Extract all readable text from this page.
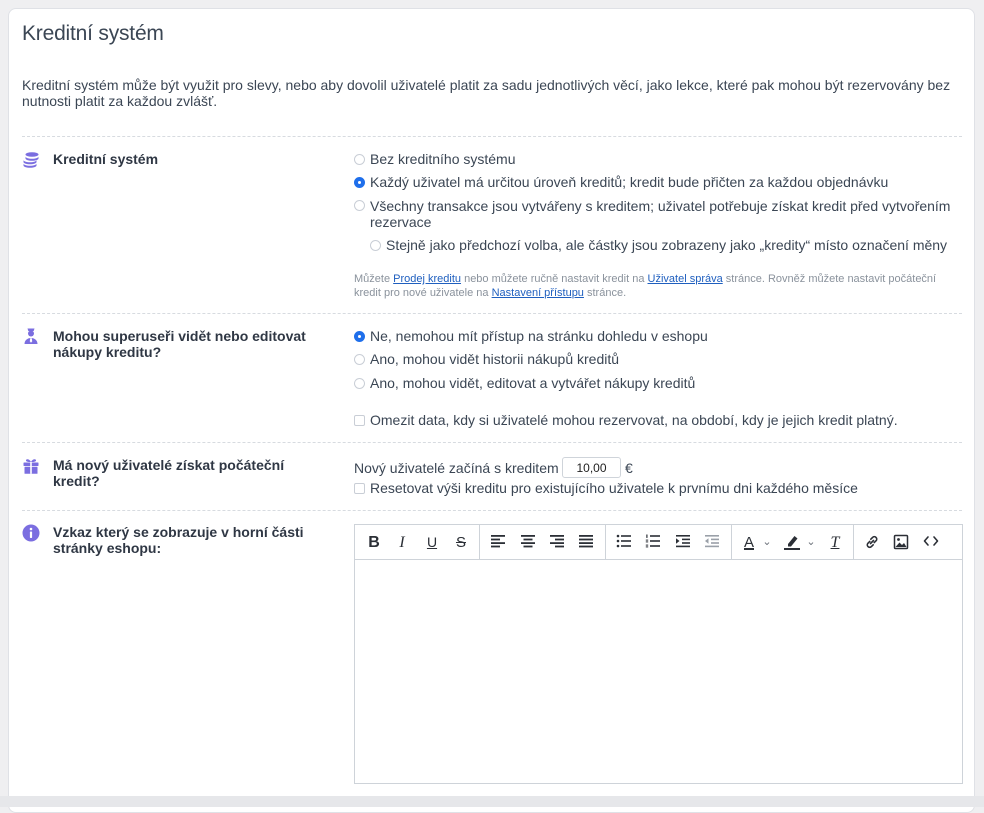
Kreditní systém
Kreditní systém může být využit pro slevy, nebo aby dovolil uživatelé platit za sadu jednotlivých věcí, jako lekce, které pak mohou být rezervovány bez nutnosti platit za každou zvlášť.
Kreditní systém	Bez kreditního systému
Každý uživatel má určitou úroveň kreditů; kredit bude přičten za každou objednávku
Všechny transakce jsou vytvářeny s kreditem; uživatel potřebuje získat kredit před vytvořením rezervace
Stejně jako předchozí volba, ale částky jsou zobrazeny jako „kredity“ místo označení měny
Můžete Prodej kreditu nebo můžete ručně nastavit kredit na Uživatel správa stránce. Rovněž můžete nastavit počáteční kredit pro nové uživatele na Nastavení přístupu stránce.
Mohou superuseři vidět nebo editovat nákupy kreditu?
Ne, nemohou mít přístup na stránku dohledu v eshopu
Ano, mohou vidět historii nákupů kreditů
Ano, mohou vidět, editovat a vytvářet nákupy kreditů
Omezit data, kdy si uživatelé mohou rezervovat, na období, kdy je jejich kredit platný.
Má nový uživatelé získat počáteční kredit?
Nový uživatelé začíná s kreditem
10,00	€
Resetovat výši kreditu pro existujícího uživatele k prvnímu dni každého měsíce
Vzkaz který se zobrazuje v horní části stránky eshopu:	B	I	U S	A ⌄	⌄ T
